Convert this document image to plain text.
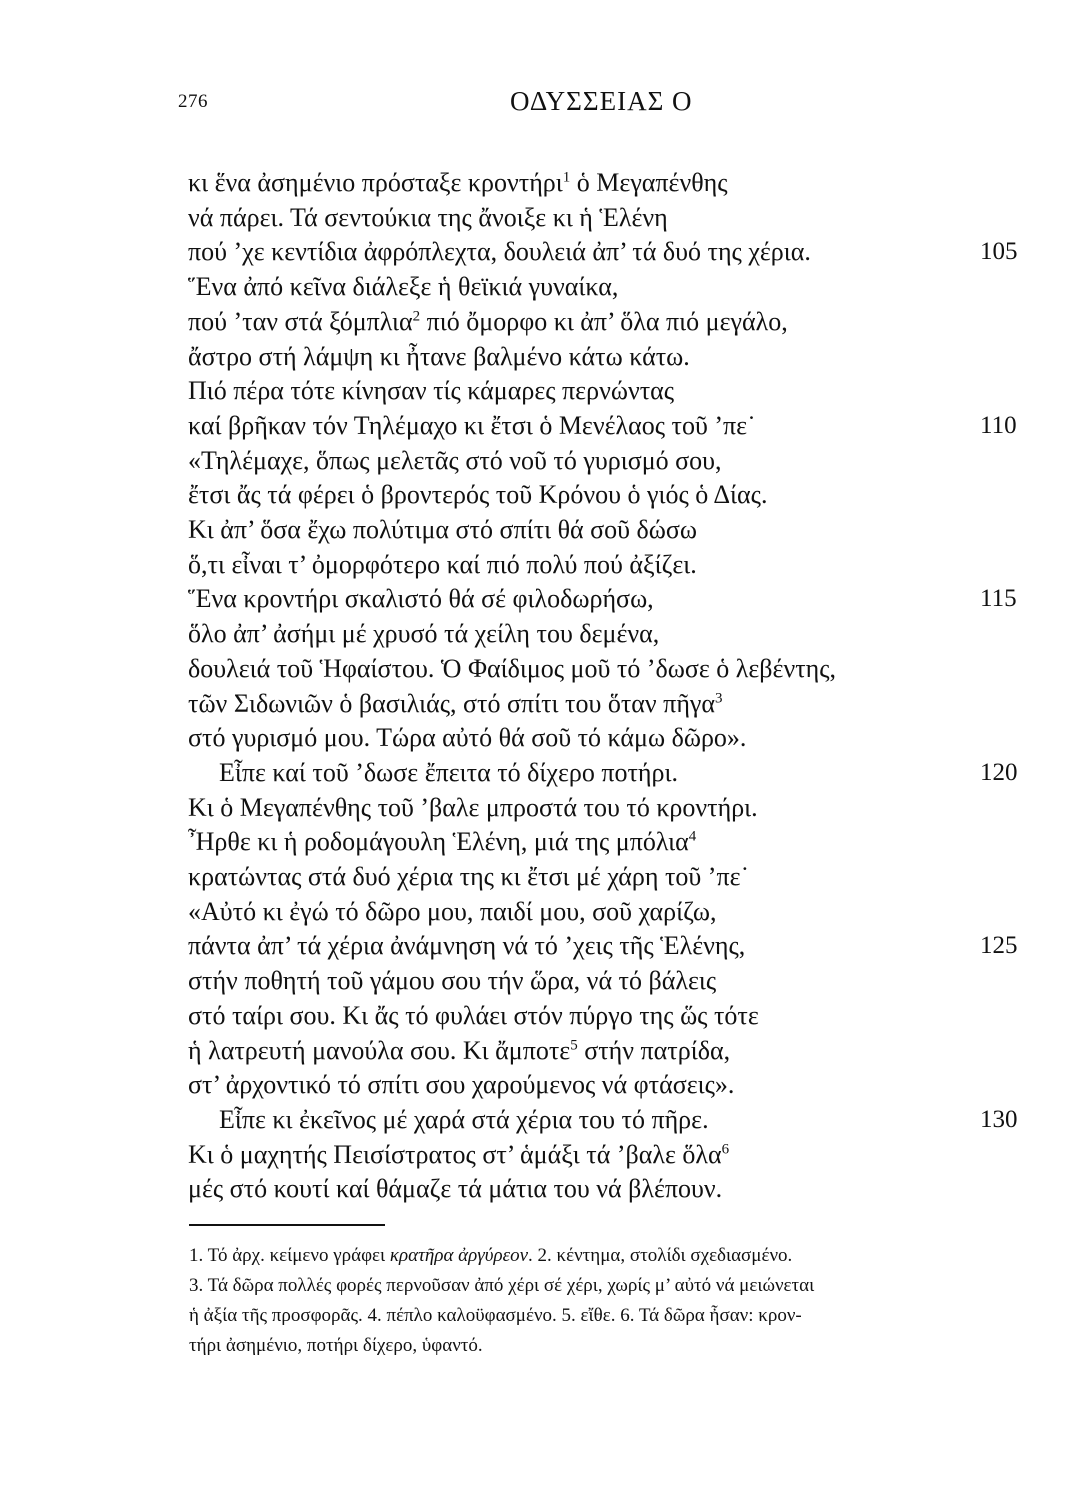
276	ΟΔΥΣΣΕΙΑΣ Ο
κι ἕνα ἀσημένιο πρόσταξε κροντήρι$^1$ ὁ Μεγαπένθης
νά πάρει. Τά σεντούκια της ἄνοιξε κι ἡ Ἑλένη
πού ’χε κεντίδια ἀφρόπλεχτα, δουλειά ἀπ’ τά δυό της χέρια.	105
Ἕνα ἀπό κεῖνα διάλεξε ἡ θεϊκιά γυναίκα,
πού ’ταν στά ξόμπλια$^2$ πιό ὄμορφο κι ἀπ’ ὅλα πιό μεγάλο,
ἄστρο στή λάμψη κι ἦτανε βαλμένο κάτω κάτω.
Πιό πέρα τότε κίνησαν τίς κάμαρες περνώντας
καί βρῆκαν τόν Τηλέμαχο κι ἔτσι ὁ Μενέλαος τοῦ ’πε˙	110
«Τηλέμαχε, ὅπως μελετᾶς στό νοῦ τό γυρισμό σου,
ἔτσι ἄς τά φέρει ὁ βροντερός τοῦ Κρόνου ὁ γιός ὁ Δίας.
Κι ἀπ’ ὅσα ἔχω πολύτιμα στό σπίτι θά σοῦ δώσω
ὅ,τι εἶναι τ’ ὀμορφότερο καί πιό πολύ πού ἀξίζει.
Ἕνα κροντήρι σκαλιστό θά σέ φιλοδωρήσω,	115
ὅλο ἀπ’ ἀσήμι μέ χρυσό τά χείλη του δεμένα,
δουλειά τοῦ Ἡφαίστου. Ὁ Φαίδιμος μοῦ τό ’δωσε ὁ λεβέντης,
τῶν Σιδωνιῶν ὁ βασιλιάς, στό σπίτι του ὅταν πῆγα$^3$
στό γυρισμό μου. Τώρα αὐτό θά σοῦ τό κάμω δῶρο».
Εἶπε καί τοῦ ’δωσε ἔπειτα τό δίχερο ποτήρι.	120
Κι ὁ Μεγαπένθης τοῦ ’βαλε μπροστά του τό κροντήρι.
Ἦρθε κι ἡ ροδομάγουλη Ἑλένη, μιά της μπόλια$^4$
κρατώντας στά δυό χέρια της κι ἔτσι μέ χάρη τοῦ ’πε˙
«Αὐτό κι ἐγώ τό δῶρο μου, παιδί μου, σοῦ χαρίζω,
πάντα ἀπ’ τά χέρια ἀνάμνηση νά τό ’χεις τῆς Ἑλένης,	125
στήν ποθητή τοῦ γάμου σου τήν ὥρα, νά τό βάλεις
στό ταίρι σου. Κι ἄς τό φυλάει στόν πύργο της ὥς τότε
ἡ λατρευτή μανούλα σου. Κι ἄμποτε$^5$ στήν πατρίδα,
στ’ ἀρχοντικό τό σπίτι σου χαρούμενος νά φτάσεις».
Εἶπε κι ἐκεῖνος μέ χαρά στά χέρια του τό πῆρε.	130
Κι ὁ μαχητής Πεισίστρατος στ’ ἁμάξι τά ’βαλε ὅλα$^6$
μές στό κουτί καί θάμαζε τά μάτια του νά βλέπουν.
1. Τό ἀρχ. κείμενο γράφει κρατῆρα ἀργύρεον. 2. κέντημα, στολίδι σχεδιασμένο.
3. Τά δῶρα πολλές φορές περνοῦσαν ἀπό χέρι σέ χέρι, χωρίς μ’ αὐτό νά μειώνεται
ἡ ἀξία τῆς προσφορᾶς. 4. πέπλο καλοϋφασμένο. 5. εἴθε. 6. Τά δῶρα ἦσαν: κρον-
τήρι ἀσημένιο, ποτήρι δίχερο, ὑφαντό.
